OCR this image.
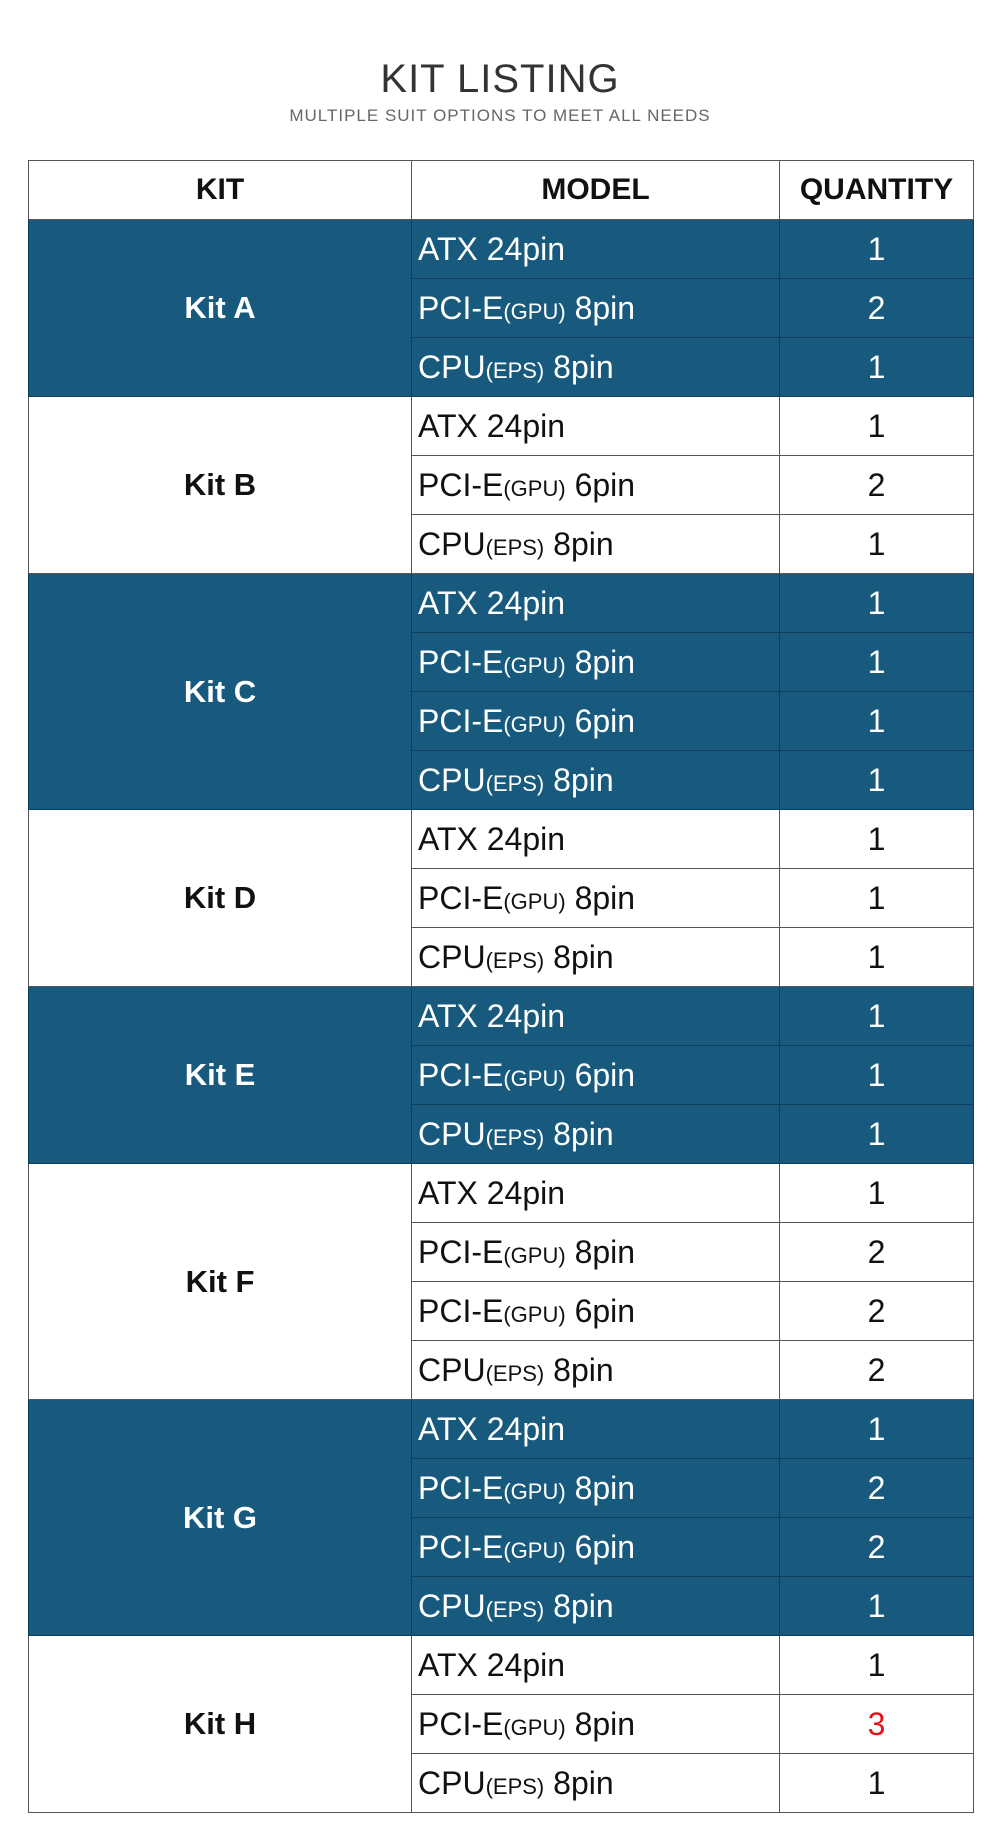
KIT LISTING
MULTIPLE SUIT OPTIONS TO MEET ALL NEEDS
KIT	MODEL	QUANTITY
Kit A	ATX 24pin	1
	PCI-E(GPU) 8pin	2
	CPU(EPS) 8pin	1
Kit B	ATX 24pin	1
	PCI-E(GPU) 6pin	2
	CPU(EPS) 8pin	1
Kit C	ATX 24pin	1
	PCI-E(GPU) 8pin	1
	PCI-E(GPU) 6pin	1
	CPU(EPS) 8pin	1
Kit D	ATX 24pin	1
	PCI-E(GPU) 8pin	1
	CPU(EPS) 8pin	1
Kit E	ATX 24pin	1
	PCI-E(GPU) 6pin	1
	CPU(EPS) 8pin	1
Kit F	ATX 24pin	1
	PCI-E(GPU) 8pin	2
	PCI-E(GPU) 6pin	2
	CPU(EPS) 8pin	2
Kit G	ATX 24pin	1
	PCI-E(GPU) 8pin	2
	PCI-E(GPU) 6pin	2
	CPU(EPS) 8pin	1
Kit H	ATX 24pin	1
	PCI-E(GPU) 8pin	3
	CPU(EPS) 8pin	1
